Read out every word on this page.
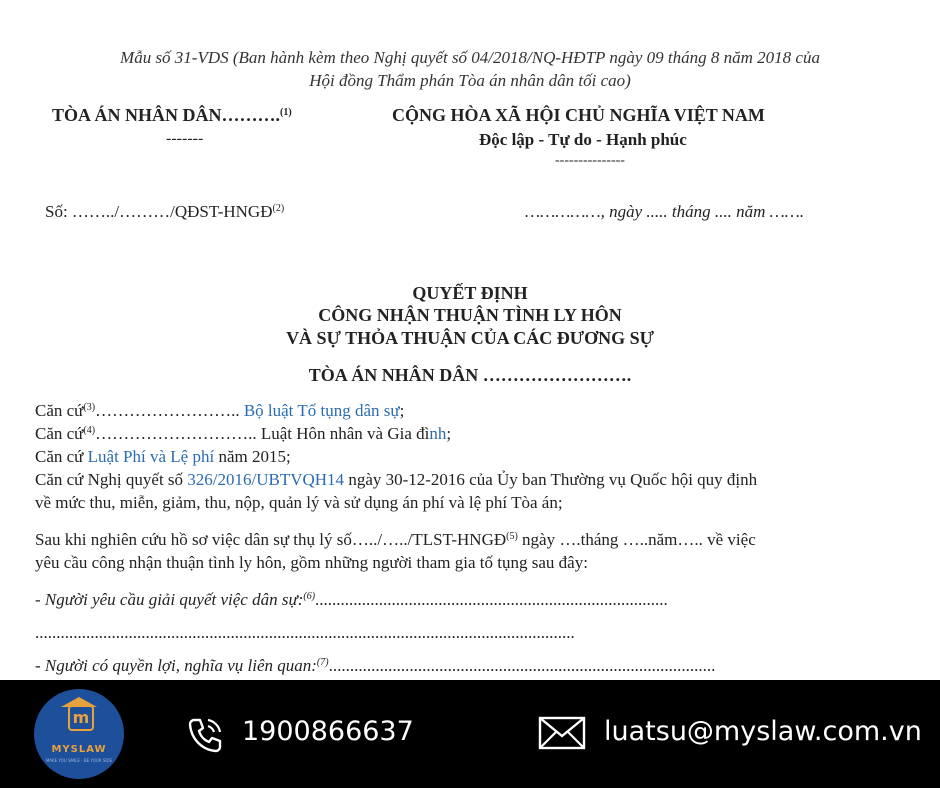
Mẫu số 31-VDS (Ban hành kèm theo Nghị quyết số 04/2018/NQ-HĐTP ngày 09 tháng 8 năm 2018 của
Hội đồng Thẩm phán Tòa án nhân dân tối cao)
TÒA ÁN NHÂN DÂN……….$^{(1)}$
-------
Số: ……../………/QĐST-HNGĐ$^{(2)}$
CỘNG HÒA XÃ HỘI CHỦ NGHĨA VIỆT NAM
Độc lập - Tự do - Hạnh phúc
---------------
……………, ngày ..... tháng .... năm …….
QUYẾT ĐỊNH
CÔNG NHẬN THUẬN TÌNH LY HÔN
VÀ SỰ THỎA THUẬN CỦA CÁC ĐƯƠNG SỰ
TÒA ÁN NHÂN DÂN …………………….
Căn cứ$^{(3)}$…………………….. Bộ luật Tố tụng dân sự;
Căn cứ$^{(4)}$……………………….. Luật Hôn nhân và Gia đình;
Căn cứ Luật Phí và Lệ phí năm 2015;
Căn cứ Nghị quyết số 326/2016/UBTVQH14 ngày 30-12-2016 của Ủy ban Thường vụ Quốc hội quy định
về mức thu, miễn, giảm, thu, nộp, quản lý và sử dụng án phí và lệ phí Tòa án;
Sau khi nghiên cứu hồ sơ việc dân sự thụ lý số…../…../TLST-HNGĐ$^{(5)}$ ngày ….tháng …..năm….. về việc
yêu cầu công nhận thuận tình ly hôn, gồm những người tham gia tố tụng sau đây:
- Người yêu cầu giải quyết việc dân sự:$^{(6)}$...................................................................................
...............................................................................................................................
- Người có quyền lợi, nghĩa vụ liên quan:$^{(7)}$...........................................................................................
m
MYSLAW
MAKE YOU SMILE - BE YOUR SIDE
1900866637	luatsu@myslaw.com.vn
